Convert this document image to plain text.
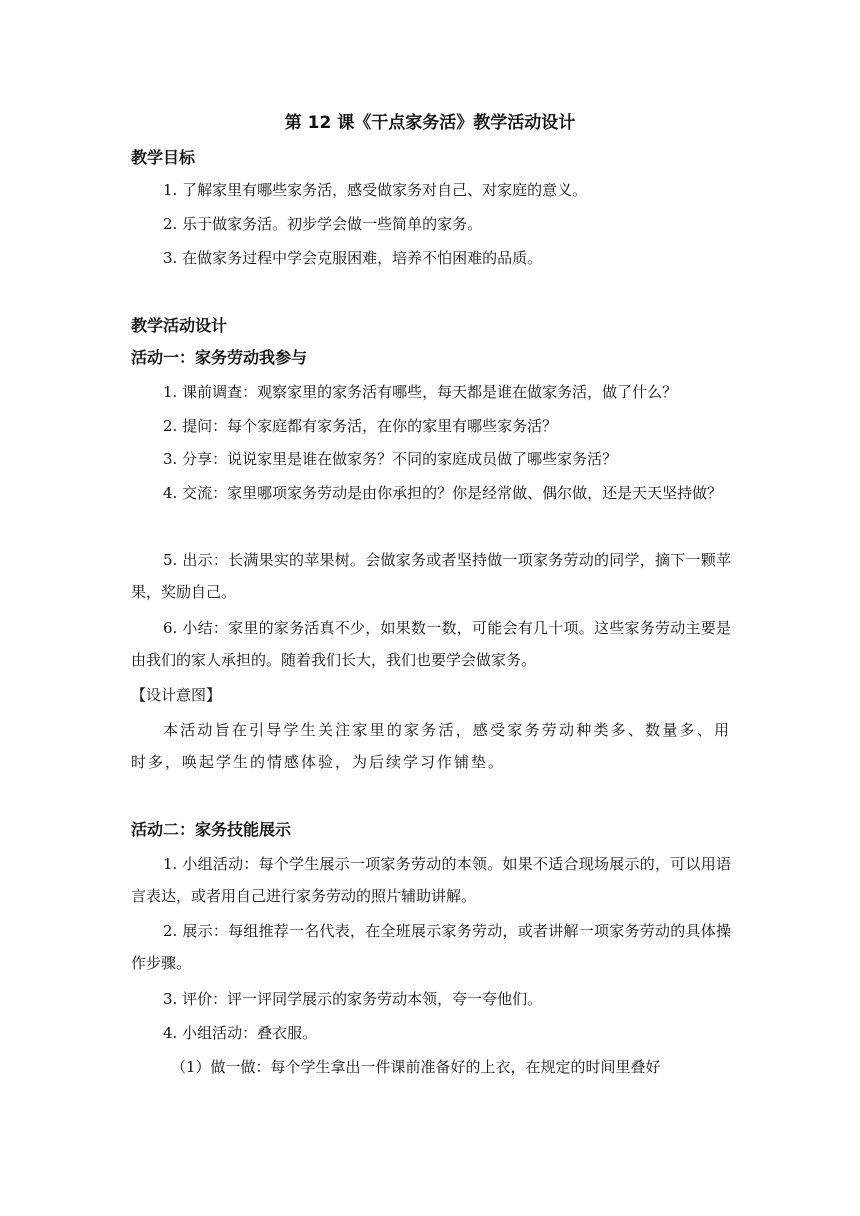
第 12 课《干点家务活》教学活动设计
教学目标
1. 了解家里有哪些家务活，感受做家务对自己、对家庭的意义。
2. 乐于做家务活。初步学会做一些简单的家务。
3. 在做家务过程中学会克服困难，培养不怕困难的品质。
教学活动设计
活动一：家务劳动我参与
1. 课前调查：观察家里的家务活有哪些，每天都是谁在做家务活，做了什么？
2. 提问：每个家庭都有家务活，在你的家里有哪些家务活？
3. 分享：说说家里是谁在做家务？不同的家庭成员做了哪些家务活？
4. 交流：家里哪项家务劳动是由你承担的？你是经常做、偶尔做，还是天天坚持做？
5. 出示：长满果实的苹果树。会做家务或者坚持做一项家务劳动的同学，摘下一颗苹果，奖励自己。
6. 小结：家里的家务活真不少，如果数一数，可能会有几十项。这些家务劳动主要是由我们的家人承担的。随着我们长大，我们也要学会做家务。
【设计意图】
本活动旨在引导学生关注家里的家务活，感受家务劳动种类多、数量多、用时多，唤起学生的情感体验，为后续学习作铺垫。
活动二：家务技能展示
1. 小组活动：每个学生展示一项家务劳动的本领。如果不适合现场展示的，可以用语言表达，或者用自己进行家务劳动的照片辅助讲解。
2. 展示：每组推荐一名代表，在全班展示家务劳动，或者讲解一项家务劳动的具体操作步骤。
3. 评价：评一评同学展示的家务劳动本领，夸一夸他们。
4. 小组活动：叠衣服。
（1）做一做：每个学生拿出一件课前准备好的上衣，在规定的时间里叠好
